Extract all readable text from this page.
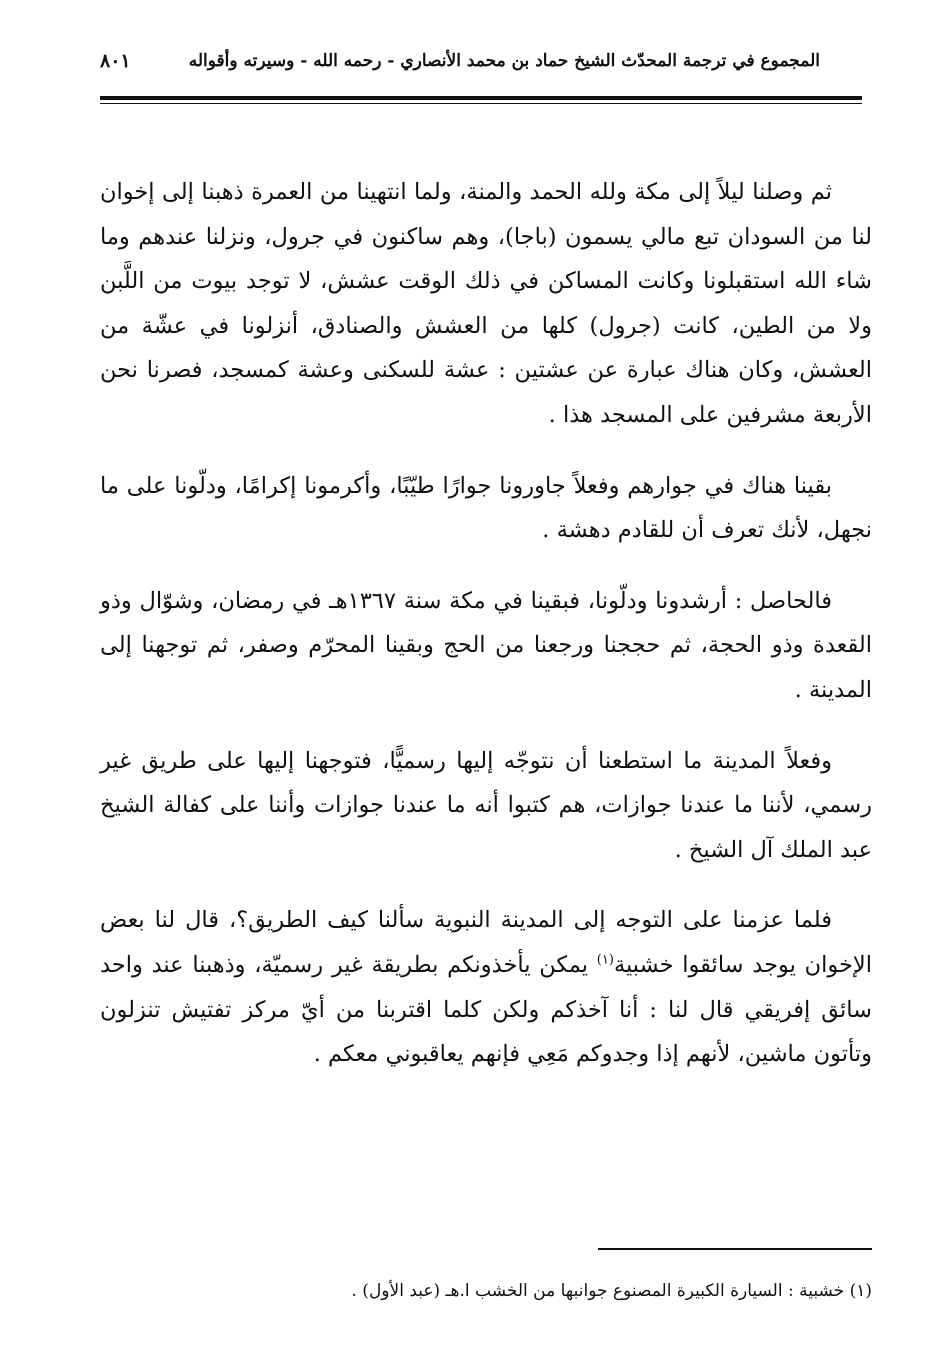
المجموع في ترجمة المحدّث الشيخ حماد بن محمد الأنصاري - رحمه الله - وسيرته وأقواله
٨٠١

ثم وصلنا ليلاً إلى مكة ولله الحمد والمنة، ولما انتهينا من العمرة ذهبنا إلى إخوان لنا من السودان تبع مالي يسمون (باجا)، وهم ساكنون في جرول، ونزلنا عندهم وما شاء الله استقبلونا وكانت المساكن في ذلك الوقت عشش، لا توجد بيوت من اللَّبن ولا من الطين، كانت (جرول) كلها من العشش والصنادق، أنزلونا في عشّة من العشش، وكان هناك عبارة عن عشتين : عشة للسكنى وعشة كمسجد، فصرنا نحن الأربعة مشرفين على المسجد هذا .

بقينا هناك في جوارهم وفعلاً جاورونا جوارًا طيّبًا، وأكرمونا إكرامًا، ودلّونا على ما نجهل، لأنك تعرف أن للقادم دهشة .

فالحاصل : أرشدونا ودلّونا، فبقينا في مكة سنة ١٣٦٧هـ في رمضان، وشوّال وذو القعدة وذو الحجة، ثم حججنا ورجعنا من الحج وبقينا المحرّم وصفر، ثم توجهنا إلى المدينة .

وفعلاً المدينة ما استطعنا أن نتوجّه إليها رسميًّا، فتوجهنا إليها على طريق غير رسمي، لأننا ما عندنا جوازات، هم كتبوا أنه ما عندنا جوازات وأننا على كفالة الشيخ عبد الملك آل الشيخ .

فلما عزمنا على التوجه إلى المدينة النبوية سألنا كيف الطريق؟، قال لنا بعض الإخوان يوجد سائقوا خشبية$^{(١)}$ يمكن يأخذونكم بطريقة غير رسميّة، وذهبنا عند واحد سائق إفريقي قال لنا : أنا آخذكم ولكن كلما اقتربنا من أيّ مركز تفتيش تنزلون وتأتون ماشين، لأنهم إذا وجدوكم مَعِي فإنهم يعاقبوني معكم .

(١) خشبية : السيارة الكبيرة المصنوع جوانبها من الخشب ا.هـ (عبد الأول) .
